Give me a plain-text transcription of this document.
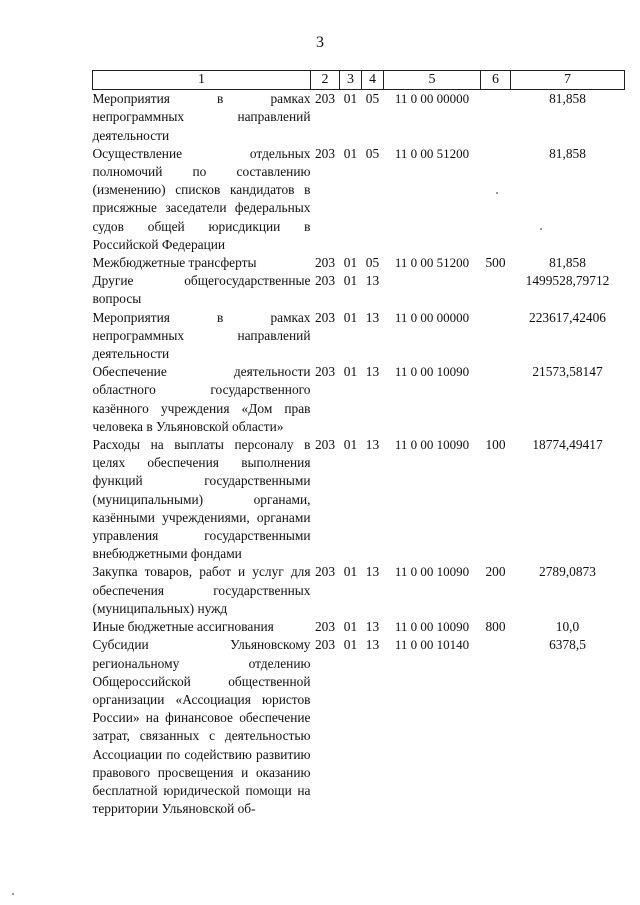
3
1	2	3	4	5	6	7
Мероприятия в рамках непрограммных направлений деятельности	203	01	05	11 0 00 00000		81,858
Осуществление отдельных полномочий по составлению (изменению) списков кандидатов в присяжные заседатели федеральных судов общей юрисдикции в Российской Федерации	203	01	05	11 0 00 51200		81,858
Межбюджетные трансферты	203	01	05	11 0 00 51200	500	81,858
Другие общегосударственные вопросы	203	01	13			1499528,79712
Мероприятия в рамках непрограммных направлений деятельности	203	01	13	11 0 00 00000		223617,42406
Обеспечение деятельности областного государственного казённого учреждения «Дом прав человека в Ульяновской области»	203	01	13	11 0 00 10090		21573,58147
Расходы на выплаты персоналу в целях обеспечения выполнения функций государственными (муниципальными) органами, казёнными учреждениями, органами управления государственными внебюджетными фондами	203	01	13	11 0 00 10090	100	18774,49417
Закупка товаров, работ и услуг для обеспечения государственных (муниципальных) нужд	203	01	13	11 0 00 10090	200	2789,0873
Иные бюджетные ассигнования	203	01	13	11 0 00 10090	800	10,0
Субсидии Ульяновскому региональному отделению Общероссийской общественной организации «Ассоциация юристов России» на финансовое обеспечение затрат, связанных с деятельностью Ассоциации по содействию развитию правового просвещения и оказанию бесплатной юридической помощи на территории Ульяновской об-	203	01	13	11 0 00 10140		6378,5
